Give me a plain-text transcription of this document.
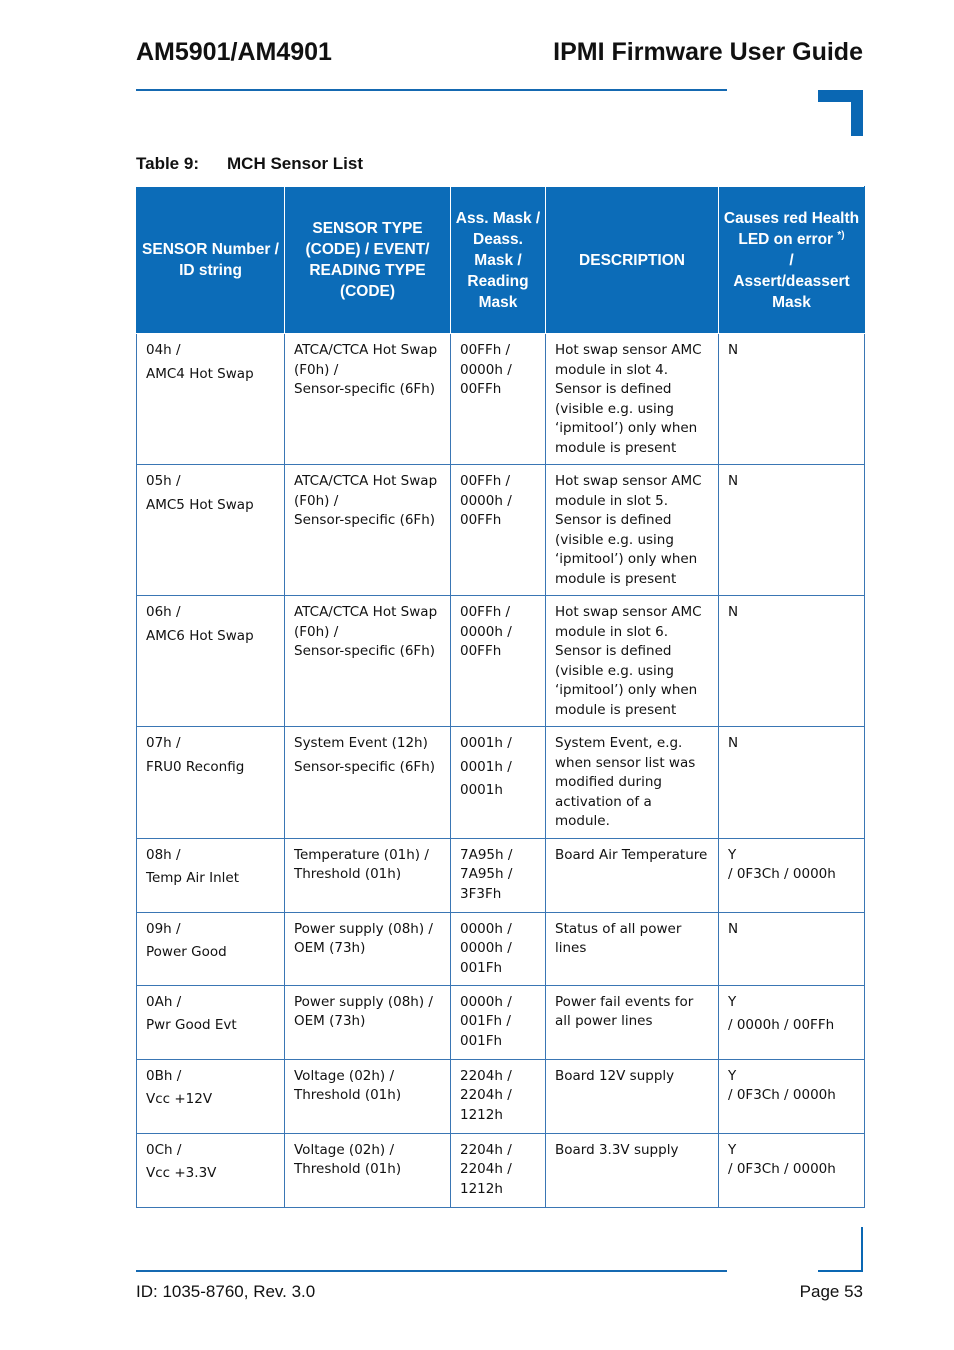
AM5901/AM4901	IPMI Firmware User Guide
Table 9: MCH Sensor List
SENSOR Number /
ID string	SENSOR TYPE
(CODE) / EVENT/
READING TYPE
(CODE)	Ass. Mask /
Deass.
Mask /
Reading
Mask	DESCRIPTION	Causes red Health
LED on error *)
/
Assert/deassert
Mask

04h /
AMC4 Hot Swap	ATCA/CTCA Hot Swap
(F0h) /
Sensor-specific (6Fh)	00FFh /
0000h /
00FFh	Hot swap sensor AMC module in slot 4. Sensor is defined (visible e.g. using ‘ipmitool’) only when module is present	N

05h /
AMC5 Hot Swap	ATCA/CTCA Hot Swap
(F0h) /
Sensor-specific (6Fh)	00FFh /
0000h /
00FFh	Hot swap sensor AMC module in slot 5. Sensor is defined (visible e.g. using ‘ipmitool’) only when module is present	N

06h /
AMC6 Hot Swap	ATCA/CTCA Hot Swap
(F0h) /
Sensor-specific (6Fh)	00FFh /
0000h /
00FFh	Hot swap sensor AMC module in slot 6. Sensor is defined (visible e.g. using ‘ipmitool’) only when module is present	N

07h /
FRU0 Reconfig	System Event (12h)
Sensor-specific (6Fh)	0001h /
0001h /
0001h	System Event, e.g. when sensor list was modified during activation of a module.	N

08h /
Temp Air Inlet	Temperature (01h) /
Threshold (01h)	7A95h /
7A95h /
3F3Fh	Board Air Temperature	Y
/ 0F3Ch / 0000h

09h /
Power Good	Power supply (08h) /
OEM (73h)	0000h /
0000h /
001Fh	Status of all power lines	N

0Ah /
Pwr Good Evt	Power supply (08h) /
OEM (73h)	0000h /
001Fh /
001Fh	Power fail events for all power lines	Y
/ 0000h / 00FFh

0Bh /
Vcc +12V	Voltage (02h) /
Threshold (01h)	2204h /
2204h /
1212h	Board 12V supply	Y
/ 0F3Ch / 0000h

0Ch /
Vcc +3.3V	Voltage (02h) /
Threshold (01h)	2204h /
2204h /
1212h	Board 3.3V supply	Y
/ 0F3Ch / 0000h
ID: 1035-8760, Rev. 3.0	Page 53
